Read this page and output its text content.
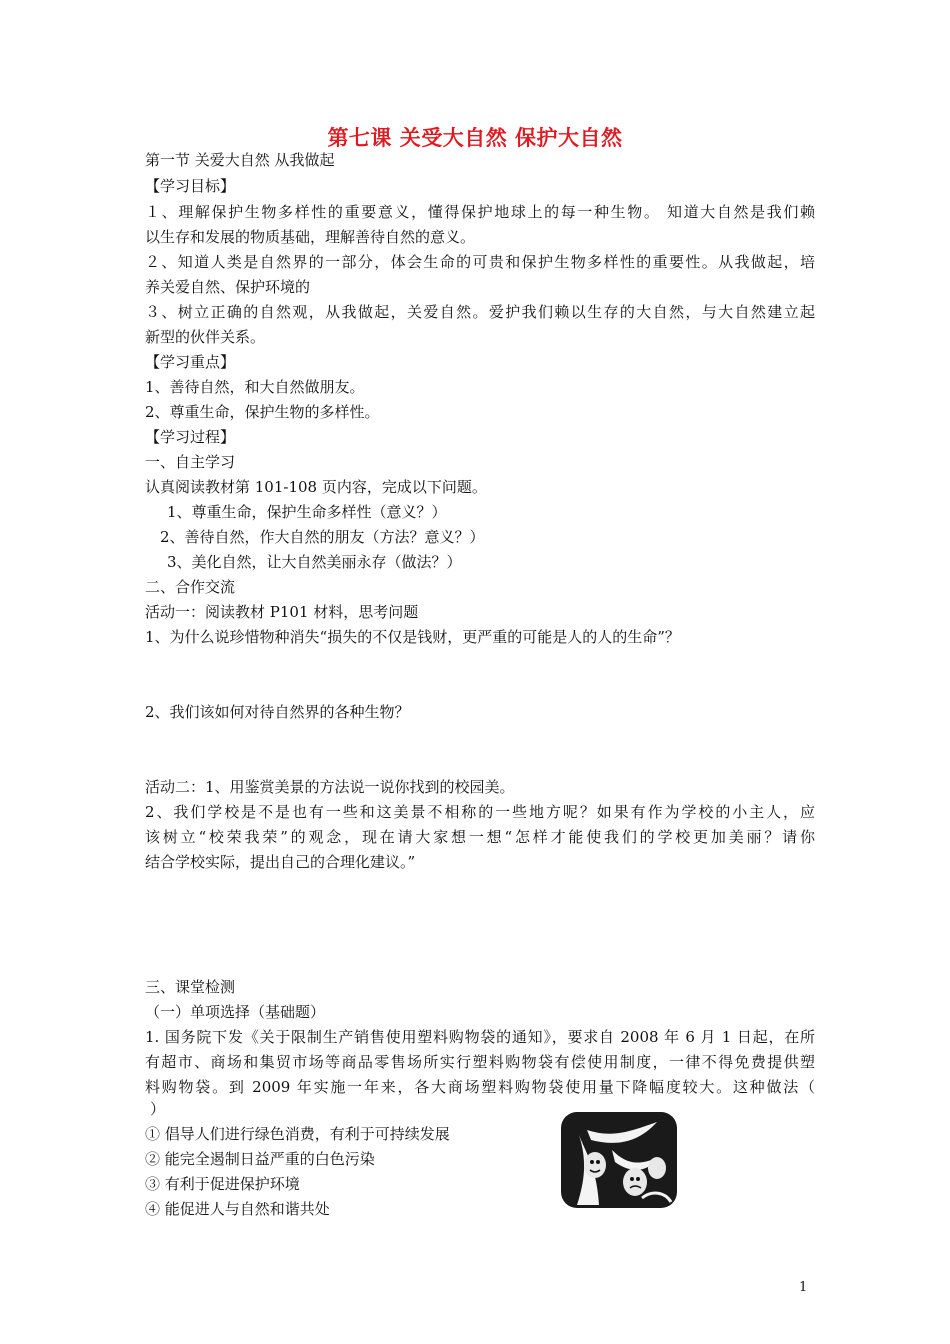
第七课 关受大自然 保护大自然
第一节 关爱大自然 从我做起
【学习目标】
１、理解保护生物多样性的重要意义，懂得保护地球上的每一种生物。 知道大自然是我们赖
以生存和发展的物质基础，理解善待自然的意义。
２、知道人类是自然界的一部分，体会生命的可贵和保护生物多样性的重要性。从我做起，培
养关爱自然、保护环境的
３、树立正确的自然观，从我做起，关爱自然。爱护我们赖以生存的大自然，与大自然建立起
新型的伙伴关系。
【学习重点】
1、善待自然，和大自然做朋友。
2、尊重生命，保护生物的多样性。
【学习过程】
一、自主学习
认真阅读教材第 101-108 页内容，完成以下问题。
1、尊重生命，保护生命多样性（意义？）
2、善待自然，作大自然的朋友（方法？意义？）
3、美化自然，让大自然美丽永存（做法？）
二、合作交流
活动一：阅读教材 P101 材料，思考问题
1、为什么说珍惜物种消失“损失的不仅是钱财，更严重的可能是人的人的生命”？
2、我们该如何对待自然界的各种生物？
活动二：1、用鉴赏美景的方法说一说你找到的校园美。
2、我们学校是不是也有一些和这美景不相称的一些地方呢？如果有作为学校的小主人，应
该树立“校荣我荣”的观念，现在请大家想一想“怎样才能使我们的学校更加美丽？请你
结合学校实际，提出自己的合理化建议。”
三、课堂检测
（一）单项选择（基础题）
1. 国务院下发《关于限制生产销售使用塑料购物袋的通知》，要求自 2008 年 6 月 1 日起，在所
有超市、商场和集贸市场等商品零售场所实行塑料购物袋有偿使用制度，一律不得免费提供塑
料购物袋。到 2009 年实施一年来，各大商场塑料购物袋使用量下降幅度较大。这种做法（
）
① 倡导人们进行绿色消费，有利于可持续发展
② 能完全遏制日益严重的白色污染
③ 有利于促进保护环境
④ 能促进人与自然和谐共处
1
